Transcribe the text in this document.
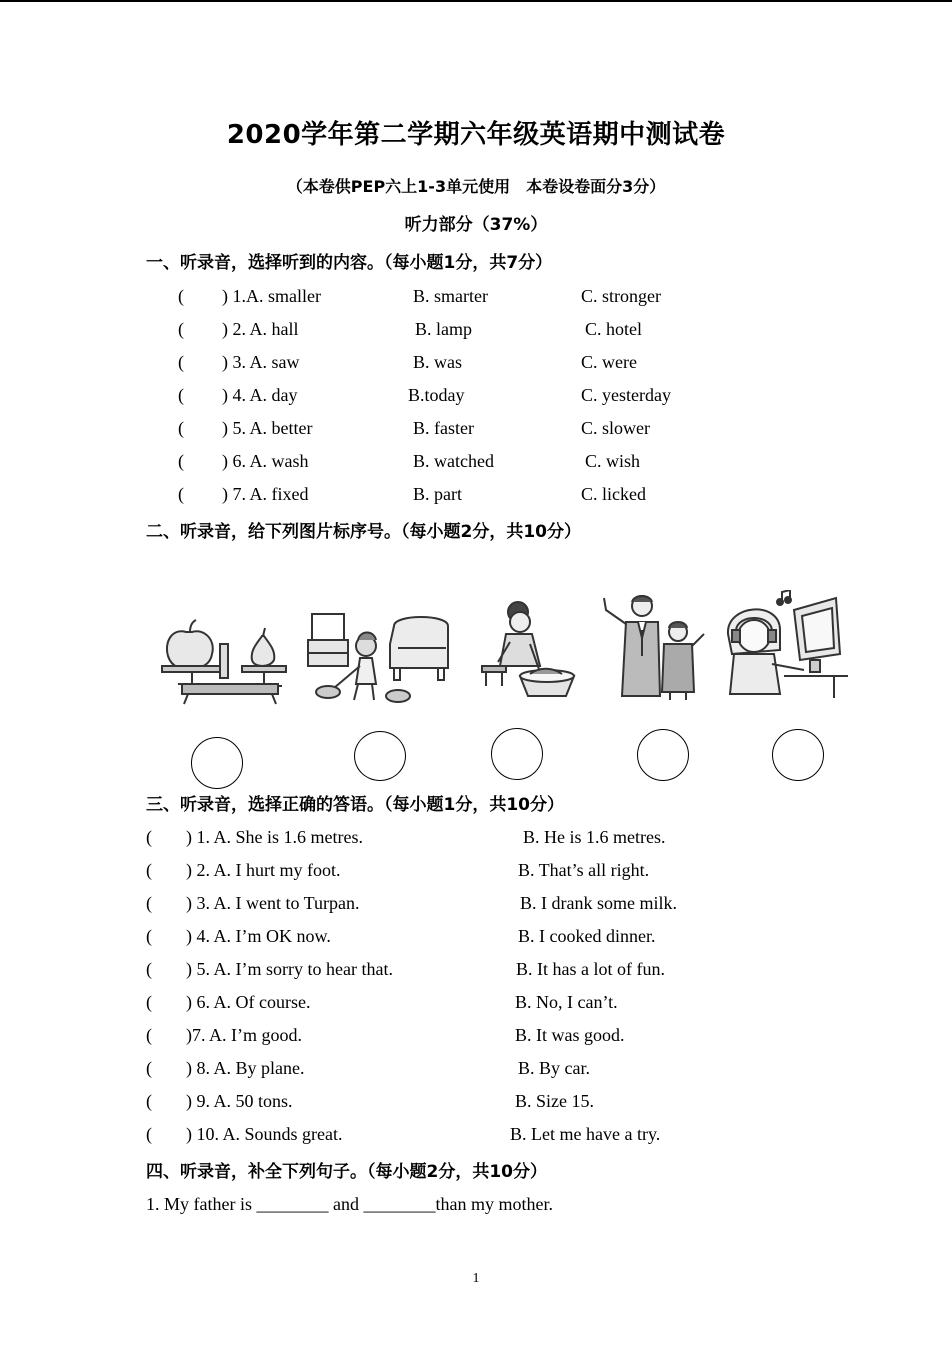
2020学年第二学期六年级英语期中测试卷
（本卷供PEP六上1-3单元使用　本卷设卷面分3分）
听力部分（37%）
一、听录音，选择听到的内容。（每小题1分，共7分）
( ) 1.A. smaller	B. smarter	C. stronger
( ) 2. A. hall	B. lamp	C. hotel
( ) 3. A. saw	B. was	C. were
( ) 4. A. day	B.today	C. yesterday
( ) 5. A. better	B. faster	C. slower
( ) 6. A. wash	B. watched	C. wish
( ) 7. A. fixed	B. part	C. licked
二、听录音，给下列图片标序号。（每小题2分，共10分）
三、听录音，选择正确的答语。（每小题1分，共10分）
( ) 1. A. She is 1.6 metres.	B. He is 1.6 metres.
( ) 2. A. I hurt my foot.	B. That’s all right.
( ) 3. A. I went to Turpan.	B. I drank some milk.
( ) 4. A. I’m OK now.	B. I cooked dinner.
( ) 5. A. I’m sorry to hear that.	B. It has a lot of fun.
( ) 6. A. Of course.	B. No, I can’t.
( )7. A. I’m good.	B. It was good.
( ) 8. A. By plane.	B. By car.
( ) 9. A. 50 tons.	B. Size 15.
( ) 10. A. Sounds great.	B. Let me have a try.
四、听录音，补全下列句子。（每小题2分，共10分）
1. My father is ________ and ________than my mother.
1
